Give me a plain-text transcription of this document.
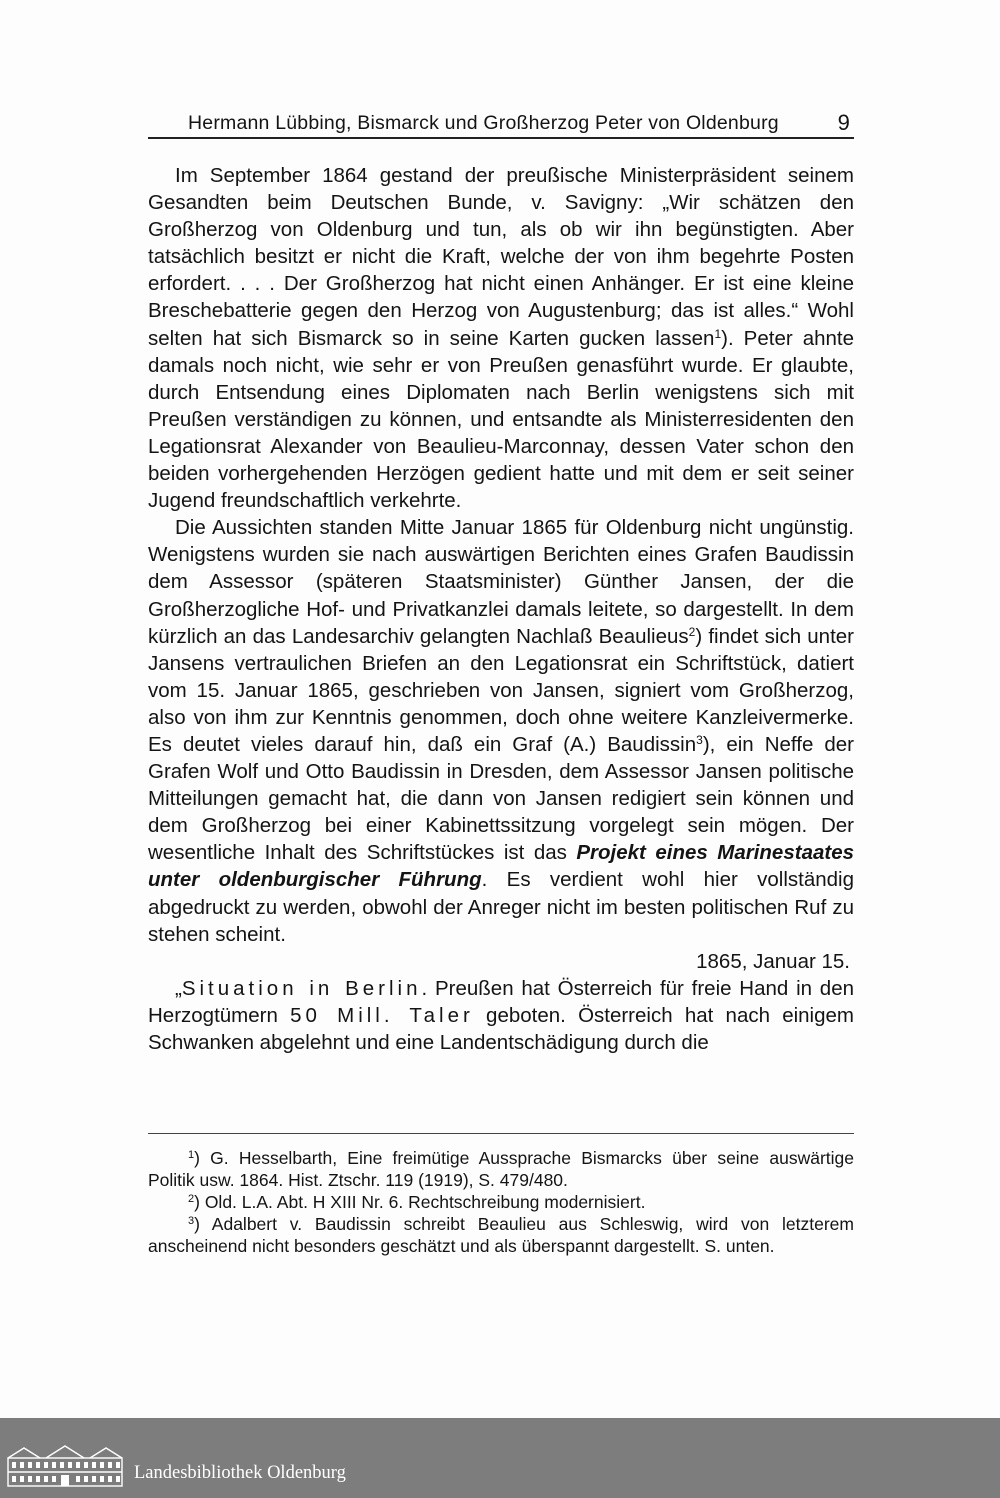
Hermann Lübbing, Bismarck und Großherzog Peter von Oldenburg	9

Im September 1864 gestand der preußische Ministerpräsident seinem Gesandten beim Deutschen Bunde, v. Savigny: „Wir schätzen den Großherzog von Oldenburg und tun, als ob wir ihn begünstigten. Aber tatsächlich besitzt er nicht die Kraft, welche der von ihm begehrte Posten erfordert. . . . Der Großherzog hat nicht einen Anhänger. Er ist eine kleine Breschebatterie gegen den Herzog von Augustenburg; das ist alles.“ Wohl selten hat sich Bismarck so in seine Karten gucken lassen$^1$). Peter ahnte damals noch nicht, wie sehr er von Preußen genasführt wurde. Er glaubte, durch Entsendung eines Diplomaten nach Berlin wenigstens sich mit Preußen verständigen zu können, und entsandte als Ministerresidenten den Legationsrat Alexander von Beaulieu-Marconnay, dessen Vater schon den beiden vorhergehenden Herzögen gedient hatte und mit dem er seit seiner Jugend freundschaftlich verkehrte.

Die Aussichten standen Mitte Januar 1865 für Oldenburg nicht ungünstig. Wenigstens wurden sie nach auswärtigen Berichten eines Grafen Baudissin dem Assessor (späteren Staatsminister) Günther Jansen, der die Großherzogliche Hof- und Privatkanzlei damals leitete, so dargestellt. In dem kürzlich an das Landesarchiv gelangten Nachlaß Beaulieus$^2$) findet sich unter Jansens vertraulichen Briefen an den Legationsrat ein Schriftstück, datiert vom 15. Januar 1865, geschrieben von Jansen, signiert vom Großherzog, also von ihm zur Kenntnis genommen, doch ohne weitere Kanzleivermerke. Es deutet vieles darauf hin, daß ein Graf (A.) Baudissin$^3$), ein Neffe der Grafen Wolf und Otto Baudissin in Dresden, dem Assessor Jansen politische Mitteilungen gemacht hat, die dann von Jansen redigiert sein können und dem Großherzog bei einer Kabinettssitzung vorgelegt sein mögen. Der wesentliche Inhalt des Schriftstückes ist das Projekt eines Marinestaates unter oldenburgischer Führung. Es verdient wohl hier vollständig abgedruckt zu werden, obwohl der Anreger nicht im besten politischen Ruf zu stehen scheint.

1865, Januar 15.

„Situation in Berlin. Preußen hat Österreich für freie Hand in den Herzogtümern 50 Mill. Taler geboten. Österreich hat nach einigem Schwanken abgelehnt und eine Landentschädigung durch die

$^1$) G. Hesselbarth, Eine freimütige Aussprache Bismarcks über seine auswärtige Politik usw. 1864. Hist. Ztschr. 119 (1919), S. 479/480.

$^2$) Old. L.A. Abt. H XIII Nr. 6. Rechtschreibung modernisiert.

$^3$) Adalbert v. Baudissin schreibt Beaulieu aus Schleswig, wird von letzterem anscheinend nicht besonders geschätzt und als überspannt dargestellt. S. unten.

Landesbibliothek Oldenburg
